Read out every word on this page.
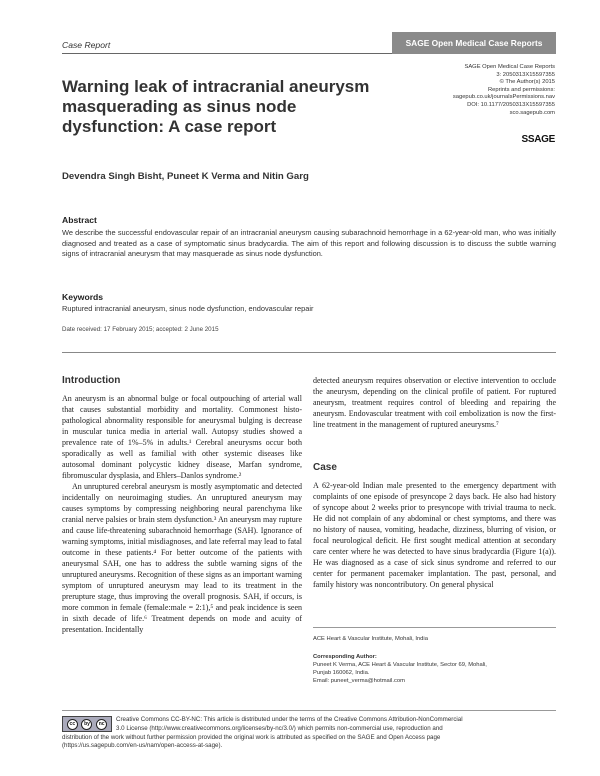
Case Report	SAGE Open Medical Case Reports
SAGE Open Medical Case Reports
3: 2050313X15597355
© The Author(s) 2015
Reprints and permissions:
sagepub.co.uk/journalsPermissions.nav
DOI: 10.1177/2050313X15597355
sco.sagepub.com
SSAGE
Warning leak of intracranial aneurysm
masquerading as sinus node
dysfunction: A case report
Devendra Singh Bisht, Puneet K Verma and Nitin Garg
Abstract
We describe the successful endovascular repair of an intracranial aneurysm causing subarachnoid hemorrhage in a 62-year-old man, who was initially diagnosed and treated as a case of symptomatic sinus bradycardia. The aim of this report and following discussion is to discuss the subtle warning signs of intracranial aneurysm that may masquerade as sinus node dysfunction.
Keywords
Ruptured intracranial aneurysm, sinus node dysfunction, endovascular repair
Date received: 17 February 2015; accepted: 2 June 2015
Introduction

An aneurysm is an abnormal bulge or focal outpouching of arterial wall that causes substantial morbidity and mortality. Commonest histo-pathological abnormality responsible for aneurysmal bulging is decrease in muscular tunica media in arterial wall. Autopsy studies showed a prevalence rate of 1%–5% in adults.¹ Cerebral aneurysms occur both sporadically as well as familial with other systemic diseases like autosomal dominant polycystic kidney disease, Marfan syndrome, fibromuscular dysplasia, and Ehlers–Danlos syndrome.²

An unruptured cerebral aneurysm is mostly asymptomatic and detected incidentally on neuroimaging studies. An unruptured aneurysm may causes symptoms by compressing neighboring neural parenchyma like cranial nerve palsies or brain stem dysfunction.³ An aneurysm may rupture and cause life-threatening subarachnoid hemorrhage (SAH). Ignorance of warning symptoms, initial misdiagnoses, and late referral may lead to fatal outcome in these patients.⁴ For better outcome of the patients with aneurysmal SAH, one has to address the subtle warning signs of the unruptured aneurysms. Recognition of these signs as an important warning symptom of unruptured aneurysm may lead to its treatment in the prerupture stage, thus improving the overall prognosis. SAH, if occurs, is more common in female (female:male = 2:1),⁵ and peak incidence is seen in sixth decade of life.⁶ Treatment depends on mode and acuity of presentation. Incidentally

detected aneurysm requires observation or elective intervention to occlude the aneurysm, depending on the clinical profile of patient. For ruptured aneurysm, treatment requires control of bleeding and repairing the aneurysm. Endovascular treatment with coil embolization is now the first-line treatment in the management of ruptured aneurysms.⁷

Case

A 62-year-old Indian male presented to the emergency department with complaints of one episode of presyncope 2 days back. He also had history of syncope about 2 weeks prior to presyncope with trivial trauma to neck. He did not complain of any abdominal or chest symptoms, and there was no history of nausea, vomiting, headache, dizziness, blurring of vision, or focal neurological deficit. He first sought medical attention at secondary care center where he was detected to have sinus bradycardia (Figure 1(a)). He was diagnosed as a case of sick sinus syndrome and referred to our center for permanent pacemaker implantation. The past, personal, and family history was noncontributory. On general physical

ACE Heart & Vascular Institute, Mohali, India
Corresponding Author:
Puneet K Verma, ACE Heart & Vascular Institute, Sector 69, Mohali,
Punjab 160062, India.
Email: puneet_verma@hotmail.com
Creative Commons CC-BY-NC: This article is distributed under the terms of the Creative Commons Attribution-NonCommercial
3.0 License (http://www.creativecommons.org/licenses/by-nc/3.0/) which permits non-commercial use, reproduction and
distribution of the work without further permission provided the original work is attributed as specified on the SAGE and Open Access page
(https://us.sagepub.com/en-us/nam/open-access-at-sage).
cc	by	nc
